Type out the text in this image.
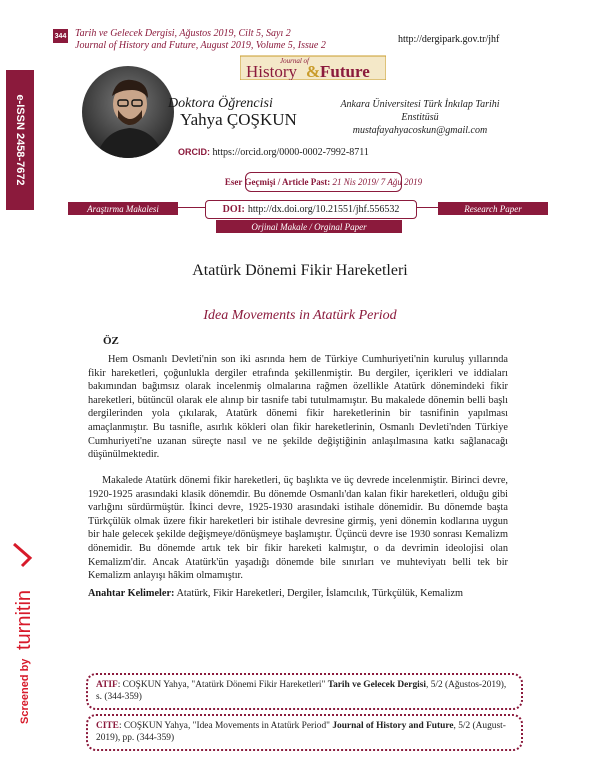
344 Tarih ve Gelecek Dergisi, Ağustos 2019, Cilt 5, Sayı 2
Journal of History and Future, August 2019, Volume 5, Issue 2
http://dergipark.gov.tr/jhf
e-ISSN 2458-7672
Journal of
History & Future
Doktora Öğrencisi
Yahya ÇOŞKUN
Ankara Üniversitesi Türk İnkılap Tarihi
Enstitüsü
mustafayahyacoskun@gmail.com
ORCID: https://orcid.org/0000-0002-7992-8711
Eser Geçmişi / Article Past:
21 Nis 2019/ 7 Ağu 2019
Araştırma Makalesi	Research Paper
DOI: http://dx.doi.org/10.21551/jhf.556532
Orjinal Makale / Orginal Paper
Atatürk Dönemi Fikir Hareketleri
Idea Movements in Atatürk Period
ÖZ
Hem Osmanlı Devleti'nin son iki asrında hem de Türkiye Cumhuriyeti'nin kuruluş yıllarında fikir hareketleri, çoğunlukla dergiler etrafında şekillenmiştir. Bu dergiler, içerikleri ve iddiaları bakımından bağımsız olarak incelenmiş olmalarına rağmen özellikle Atatürk dönemindeki fikir hareketleri, bütüncül olarak ele alınıp bir tasnife tabi tutulmamıştır. Bu makalede dönemin belli başlı dergilerinden yola çıkılarak, Atatürk dönemi fikir hareketlerinin bir tasnifinin yapılması amaçlanmıştır. Bu tasnifle, asırlık kökleri olan fikir hareketlerinin, Osmanlı Devleti'nden Türkiye Cumhuriyeti'ne uzanan süreçte nasıl ve ne şekilde değiştiğinin anlaşılmasına katkı sağlanacağı düşünülmektedir.
Makalede Atatürk dönemi fikir hareketleri, üç başlıkta ve üç devrede incelenmiştir. Birinci devre, 1920-1925 arasındaki klasik dönemdir. Bu dönemde Osmanlı'dan kalan fikir hareketleri, olduğu gibi varlığını sürdürmüştür. İkinci devre, 1925-1930 arasındaki istihale dönemidir. Bu dönemde başta Türkçülük olmak üzere fikir hareketleri bir istihale devresine girmiş, yeni dönemin kodlarına uygun bir hale gelecek şekilde değişmeye/dönüşmeye başlamıştır. Üçüncü devre ise 1930 sonrası Kemalizm dönemidir. Bu dönemde artık tek bir fikir hareketi kalmıştır, o da devrimin ideolojisi olan Kemalizm'dir. Ancak Atatürk'ün yaşadığı dönemde bile sınırları ve muhteviyatı belli tek bir Kemalizm anlayışı hâkim olmamıştır.
Anahtar Kelimeler: Atatürk, Fikir Hareketleri, Dergiler, İslamcılık, Türkçülük, Kemalizm
Screened by
turnitin
ATIF: COŞKUN Yahya, "Atatürk Dönemi Fikir Hareketleri" Tarih ve Gelecek Dergisi, 5/2 (Ağustos-2019), s. (344-359)
CITE: COŞKUN Yahya, "Idea Movements in Atatürk Period" Journal of History and Future, 5/2 (August- 2019), pp. (344-359)
